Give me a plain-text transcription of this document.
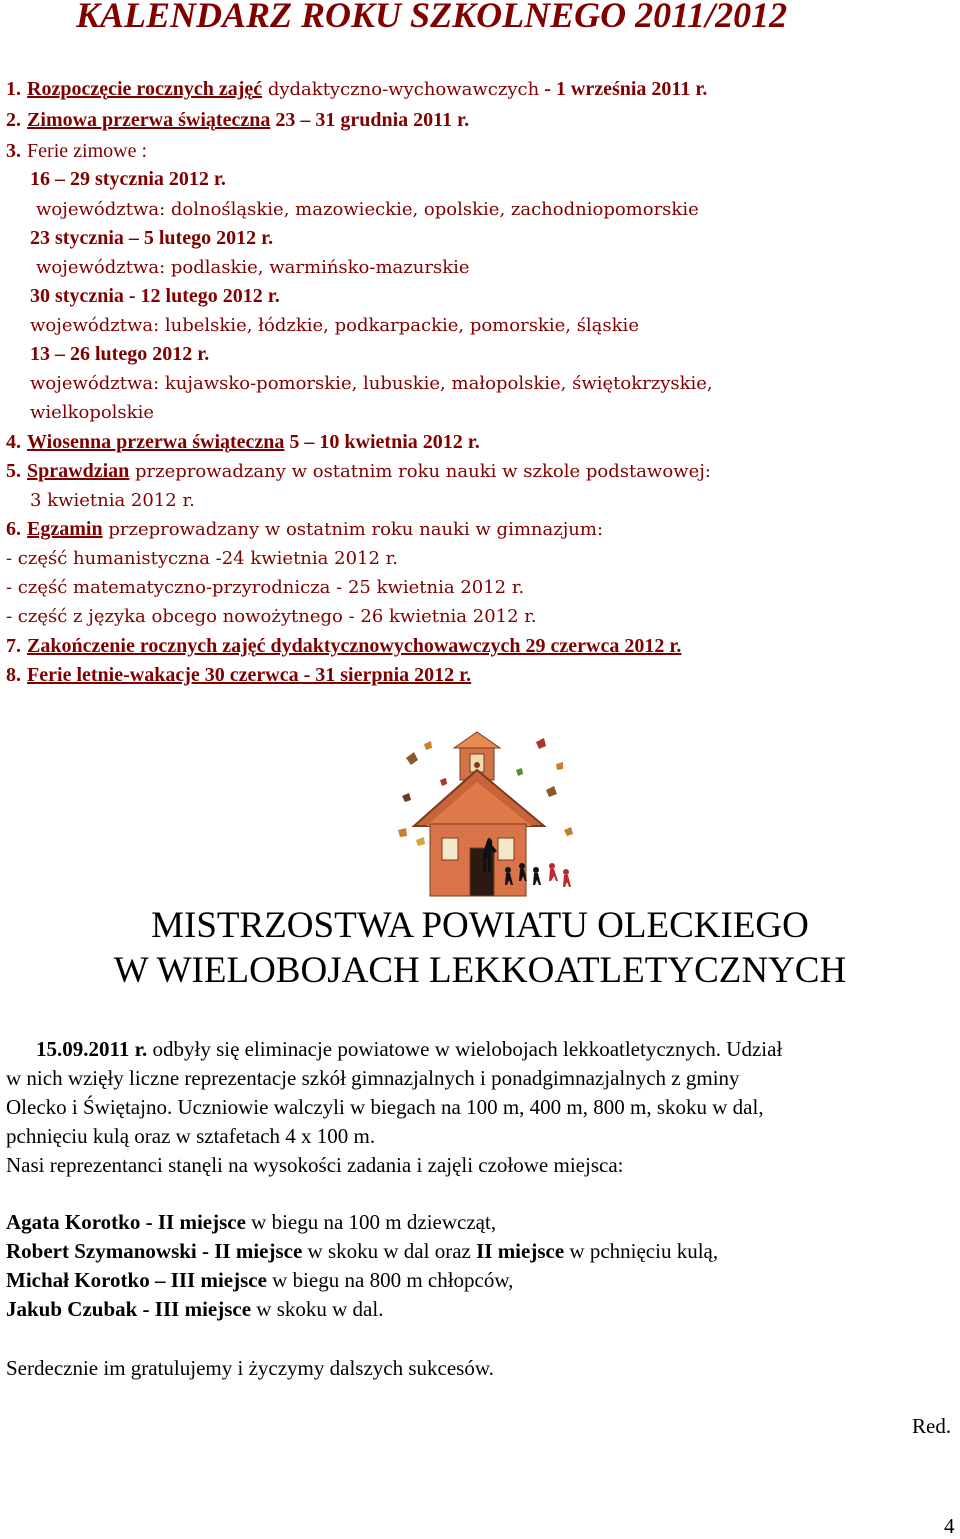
KALENDARZ ROKU SZKOLNEGO 2011/2012
1. Rozpoczęcie rocznych zajęć dydaktyczno-wychowawczych - 1 września 2011 r.
2. Zimowa przerwa świąteczna 23 – 31 grudnia 2011 r.
3. Ferie zimowe :
16 – 29 stycznia 2012 r.
województwa: dolnośląskie, mazowieckie, opolskie, zachodniopomorskie
23 stycznia – 5 lutego 2012 r.
województwa: podlaskie, warmińsko-mazurskie
30 stycznia - 12 lutego 2012 r.
województwa: lubelskie, łódzkie, podkarpackie, pomorskie, śląskie
13 – 26 lutego 2012 r.
województwa: kujawsko-pomorskie, lubuskie, małopolskie, świętokrzyskie,
wielkopolskie
4. Wiosenna przerwa świąteczna 5 – 10 kwietnia 2012 r.
5. Sprawdzian przeprowadzany w ostatnim roku nauki w szkole podstawowej:
3 kwietnia 2012 r.
6. Egzamin przeprowadzany w ostatnim roku nauki w gimnazjum:
- część humanistyczna -24 kwietnia 2012 r.
- część matematyczno-przyrodnicza - 25 kwietnia 2012 r.
- część z języka obcego nowożytnego - 26 kwietnia 2012 r.
7. Zakończenie rocznych zajęć dydaktycznowychowawczych 29 czerwca 2012 r.
8. Ferie letnie-wakacje 30 czerwca - 31 sierpnia 2012 r.
MISTRZOSTWA POWIATU OLECKIEGO
W WIELOBOJACH LEKKOATLETYCZNYCH
15.09.2011 r. odbyły się eliminacje powiatowe w wielobojach lekkoatletycznych. Udział
w nich wzięły liczne reprezentacje szkół gimnazjalnych i ponadgimnazjalnych z gminy
Olecko i Świętajno. Uczniowie walczyli w biegach na 100 m, 400 m, 800 m, skoku w dal,
pchnięciu kulą oraz w sztafetach 4 x 100 m.
Nasi reprezentanci stanęli na wysokości zadania i zajęli czołowe miejsca:
Agata Korotko - II miejsce w biegu na 100 m dziewcząt,
Robert Szymanowski - II miejsce w skoku w dal oraz II miejsce w pchnięciu kulą,
Michał Korotko – III miejsce w biegu na 800 m chłopców,
Jakub Czubak - III miejsce w skoku w dal.
Serdecznie im gratulujemy i życzymy dalszych sukcesów.
Red.
4
